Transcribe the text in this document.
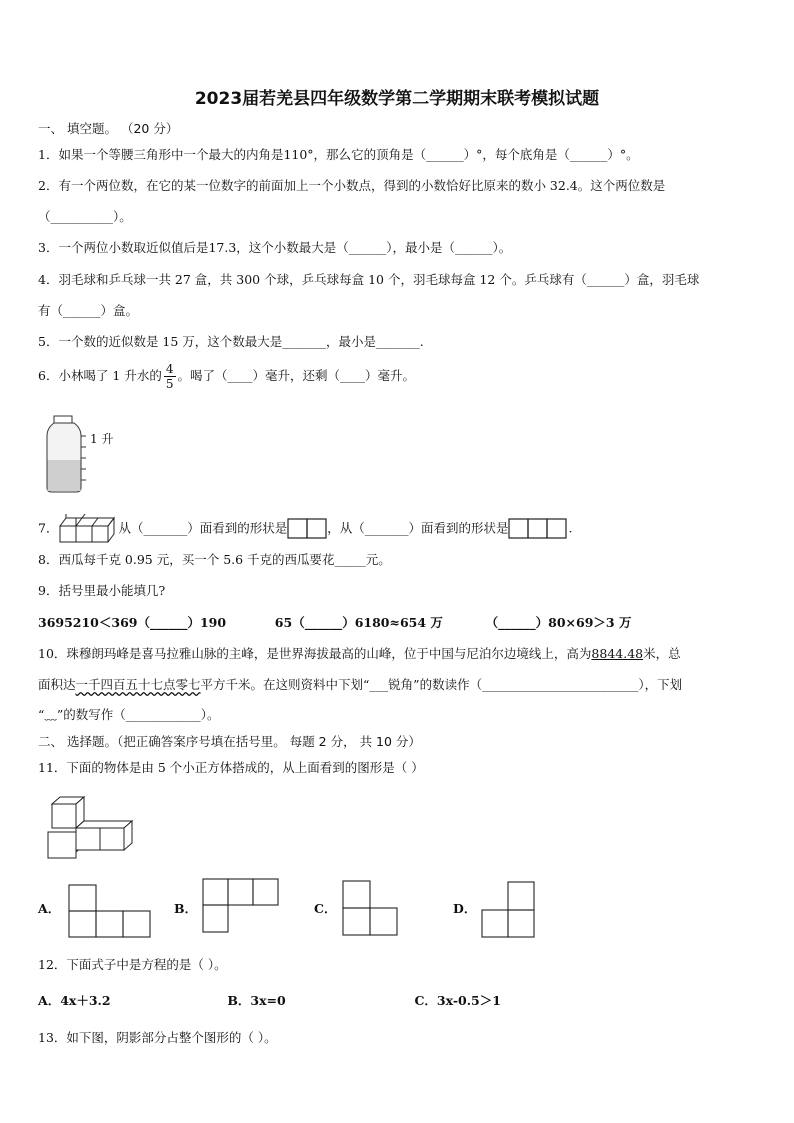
2023届若羌县四年级数学第二学期期末联考模拟试题
一、 填空题。 （20 分）
1．如果一个等腰三角形中一个最大的内角是110°，那么它的顶角是（______）°，每个底角是（______）°。
2．有一个两位数，在它的某一位数字的前面加上一个小数点，得到的小数恰好比原来的数小 32.4。这个两位数是
（__________）。
3．一个两位小数取近似值后是17.3，这个小数最大是（______），最小是（______）。
4．羽毛球和乒乓球一共 27 盒，共 300 个球，乒乓球每盒 10 个，羽毛球每盒 12 个。乒乓球有（______）盒，羽毛球
有（______）盒。
5．一个数的近似数是 15 万，这个数最大是_______，最小是_______.
6．小林喝了 1 升水的 $\frac{4}{5}$ 。喝了（____）毫升，还剩（____）毫升。
1 升
7．	从（_______）面看到的形状是	，从（_______）面看到的形状是	.
8．西瓜每千克 0.95 元，买一个 5.6 千克的西瓜要花_____元。
9．括号里最小能填几?
3695210＜369（______）190	65（______）6180≈654 万	（______）80×69＞3 万
10．珠穆朗玛峰是喜马拉雅山脉的主峰，是世界海拔最高的山峰，位于中国与尼泊尔边境线上，高为8844.48米，总
面积达一千四百五十七点零七平方千米。在这则资料中下划“___锐角”的数读作（_________________________），下划
“﹏”的数写作（____________）。
二、 选择题。（把正确答案序号填在括号里。 每题 2 分， 共 10 分）
11．下面的物体是由 5 个小正方体搭成的，从上面看到的图形是（ ）
A．	B．	C．	D．
12．下面式子中是方程的是（ ）。
A．4x＋3.2	B．3x=0	C．3x-0.5＞1
13．如下图，阴影部分占整个图形的（ ）。
